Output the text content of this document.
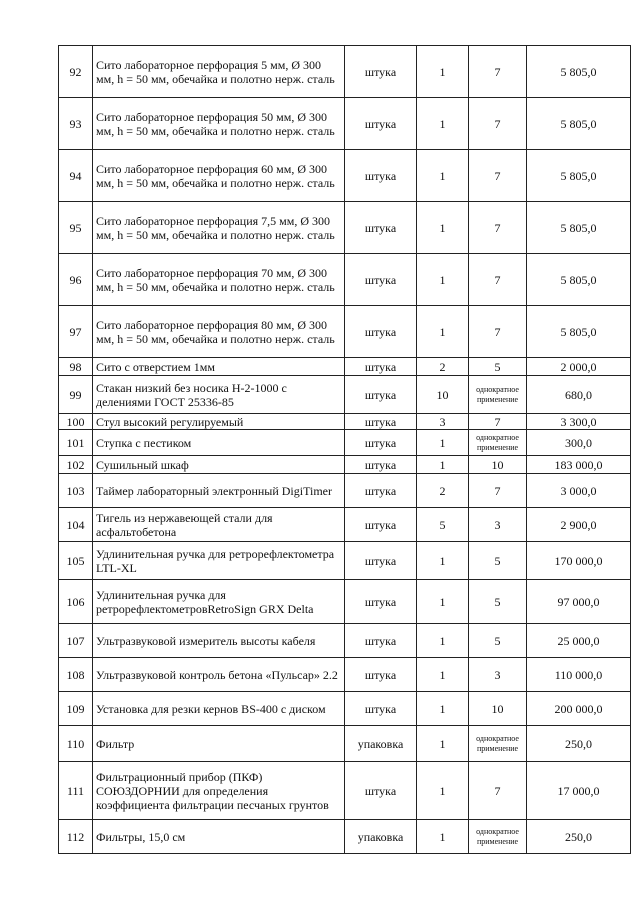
92	Сито лабораторное перфорация 5 мм, Ø 300 мм, h = 50 мм, обечайка и полотно нерж. сталь	штука	1	7	5 805,0
93	Сито лабораторное перфорация 50 мм, Ø 300 мм, h = 50 мм, обечайка и полотно нерж. сталь	штука	1	7	5 805,0
94	Сито лабораторное перфорация 60 мм, Ø 300 мм, h = 50 мм, обечайка и полотно нерж. сталь	штука	1	7	5 805,0
95	Сито лабораторное перфорация 7,5 мм, Ø 300 мм, h = 50 мм, обечайка и полотно нерж. сталь	штука	1	7	5 805,0
96	Сито лабораторное перфорация 70 мм, Ø 300 мм, h = 50 мм, обечайка и полотно нерж. сталь	штука	1	7	5 805,0
97	Сито лабораторное перфорация 80 мм, Ø 300 мм, h = 50 мм, обечайка и полотно нерж. сталь	штука	1	7	5 805,0
98	Сито с отверстием 1мм	штука	2	5	2 000,0
99	Стакан низкий без носика Н-2-1000 с делениями ГОСТ 25336-85	штука	10	однократное применение	680,0
100	Стул высокий регулируемый	штука	3	7	3 300,0
101	Ступка с пестиком	штука	1	однократное применение	300,0
102	Сушильный шкаф	штука	1	10	183 000,0
103	Таймер лабораторный электронный DigiTimer	штука	2	7	3 000,0
104	Тигель из нержавеющей стали для асфальтобетона	штука	5	3	2 900,0
105	Удлинительная ручка для ретрорефлектометра LTL-XL	штука	1	5	170 000,0
106	Удлинительная ручка для ретрорефлектометровRetroSign GRX Delta	штука	1	5	97 000,0
107	Ультразвуковой измеритель высоты кабеля	штука	1	5	25 000,0
108	Ультразвуковой контроль бетона «Пульсар» 2.2	штука	1	3	110 000,0
109	Установка для резки кернов BS-400 с диском	штука	1	10	200 000,0
110	Фильтр	упаковка	1	однократное применение	250,0
111	Фильтрационный прибор (ПКФ) СОЮЗДОРНИИ для определения коэффициента фильтрации песчаных грунтов	штука	1	7	17 000,0
112	Фильтры, 15,0 см	упаковка	1	однократное применение	250,0
